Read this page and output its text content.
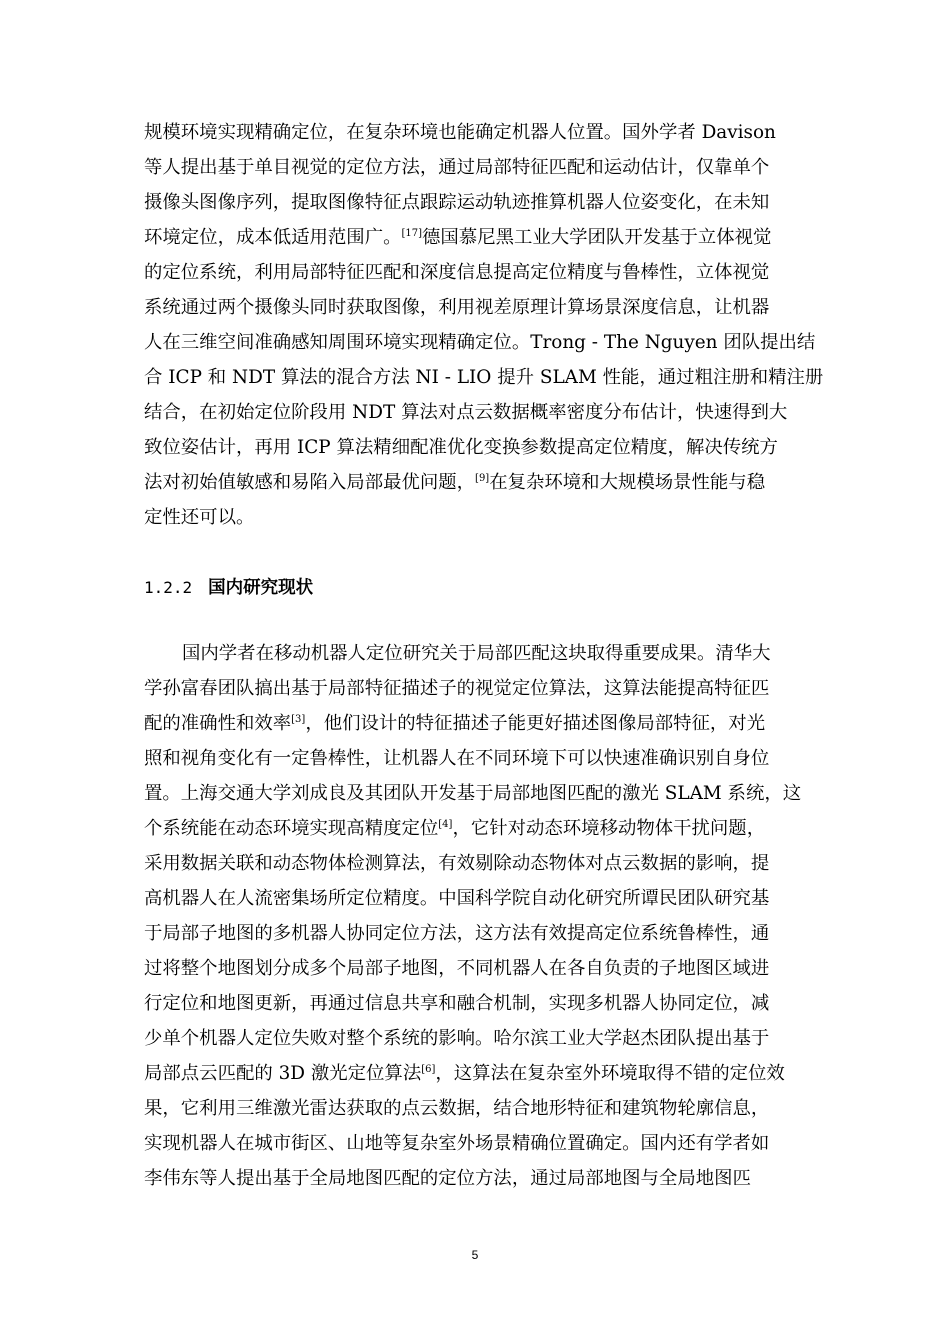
规模环境实现精确定位，在复杂环境也能确定机器人位置。国外学者 Davison
等人提出基于单目视觉的定位方法，通过局部特征匹配和运动估计，仅靠单个
摄像头图像序列，提取图像特征点跟踪运动轨迹推算机器人位姿变化，在未知
环境定位，成本低适用范围广。[17]德国慕尼黑工业大学团队开发基于立体视觉
的定位系统，利用局部特征匹配和深度信息提高定位精度与鲁棒性，立体视觉
系统通过两个摄像头同时获取图像，利用视差原理计算场景深度信息，让机器
人在三维空间准确感知周围环境实现精确定位。Trong - The Nguyen 团队提出结
合 ICP 和 NDT 算法的混合方法 NI - LIO 提升 SLAM 性能，通过粗注册和精注册
结合，在初始定位阶段用 NDT 算法对点云数据概率密度分布估计，快速得到大
致位姿估计，再用 ICP 算法精细配准优化变换参数提高定位精度，解决传统方
法对初始值敏感和易陷入局部最优问题，[9]在复杂环境和大规模场景性能与稳
定性还可以。
1.2.2 国内研究现状
国内学者在移动机器人定位研究关于局部匹配这块取得重要成果。清华大
学孙富春团队搞出基于局部特征描述子的视觉定位算法，这算法能提高特征匹
配的准确性和效率[3]，他们设计的特征描述子能更好描述图像局部特征，对光
照和视角变化有一定鲁棒性，让机器人在不同环境下可以快速准确识别自身位
置。上海交通大学刘成良及其团队开发基于局部地图匹配的激光 SLAM 系统，这
个系统能在动态环境实现高精度定位[4]，它针对动态环境移动物体干扰问题，
采用数据关联和动态物体检测算法，有效剔除动态物体对点云数据的影响，提
高机器人在人流密集场所定位精度。中国科学院自动化研究所谭民团队研究基
于局部子地图的多机器人协同定位方法，这方法有效提高定位系统鲁棒性，通
过将整个地图划分成多个局部子地图，不同机器人在各自负责的子地图区域进
行定位和地图更新，再通过信息共享和融合机制，实现多机器人协同定位，减
少单个机器人定位失败对整个系统的影响。哈尔滨工业大学赵杰团队提出基于
局部点云匹配的 3D 激光定位算法[6]，这算法在复杂室外环境取得不错的定位效
果，它利用三维激光雷达获取的点云数据，结合地形特征和建筑物轮廓信息，
实现机器人在城市街区、山地等复杂室外场景精确位置确定。国内还有学者如
李伟东等人提出基于全局地图匹配的定位方法，通过局部地图与全局地图匹
5
